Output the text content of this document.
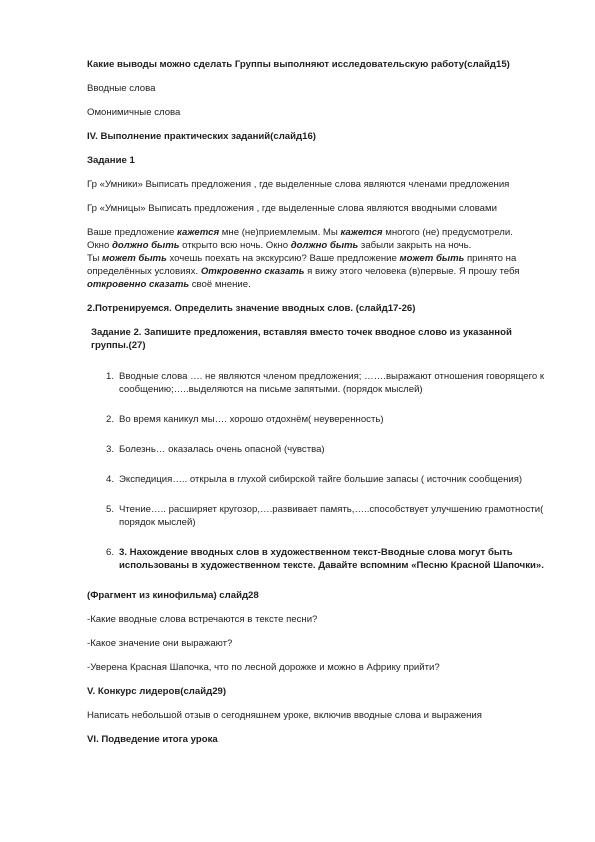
Какие выводы можно сделать Группы выполняют исследовательскую работу(слайд15)

Вводные слова

Омонимичные слова

IV. Выполнение практических заданий(слайд16)

Задание 1

Гр «Умники» Выписать предложения , где выделенные слова являются членами предложения

Гр «Умницы» Выписать предложения , где выделенные слова являются вводными словами

Ваше предложение кажется мне (не)приемлемым. Мы кажется многого (не) предусмотрели.
Окно должно быть открыто всю ночь. Окно должно быть забыли закрыть на ночь.
Ты может быть хочешь поехать на экскурсию? Ваше предложение может быть принято на определённых условиях. Откровенно сказать я вижу этого человека (в)первые. Я прошу тебя откровенно сказать своё мнение.

2.Потренируемся. Определить значение вводных слов. (слайд17-26)

Задание 2. Запишите предложения, вставляя вместо точек вводное слово из указанной группы.(27)

1. Вводные слова …. не являются членом предложения; …….выражают отношения говорящего к сообщению;…..выделяются на письме запятыми. (порядок мыслей)
2. Во время каникул мы…. хорошо отдохнём( неуверенность)
3. Болезнь… оказалась очень опасной (чувства)
4. Экспедиция….. открыла в глухой сибирской тайге большие запасы ( источник сообщения)
5. Чтение….. расширяет кругозор,….развивает память,…..способствует улучшению грамотности( порядок мыслей)
6. 3. Нахождение вводных слов в художественном текст-Вводные слова могут быть использованы в художественном тексте. Давайте вспомним «Песню Красной Шапочки».

(Фрагмент из кинофильма) слайд28

-Какие вводные слова встречаются в тексте песни?

-Какое значение они выражают?

-Уверена Красная Шапочка, что по лесной дорожке и можно в Африку прийти?

V. Конкурс лидеров(слайд29)

Написать небольшой отзыв о сегодняшнем уроке, включив вводные слова и выражения

VI. Подведение итога урока
